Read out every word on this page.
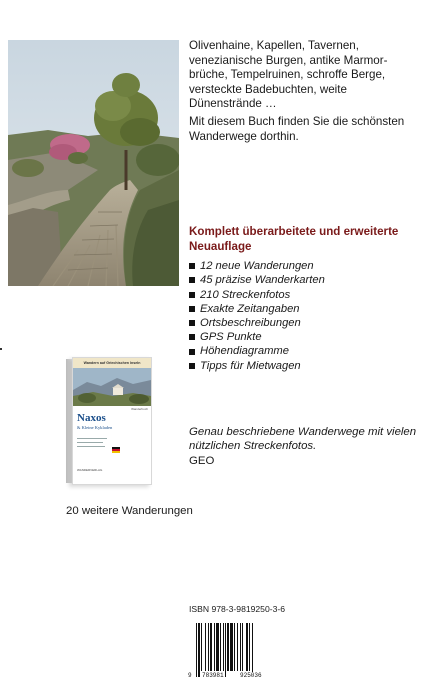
Olivenhaine, Kapellen, Tavernen, venezianische Burgen, antike Marmorbrüche, Tempelruinen, schroffe Berge, versteckte Badebuchten, weite Dünenstrände …

Mit diesem Buch finden Sie die schönsten Wanderwege dorthin.

Komplett überarbeitete und erweiterte Neuauflage

12 neue Wanderungen
45 präzise Wanderkarten
210 Streckenfotos
Exakte Zeitangaben
Ortsbeschreibungen
GPS Punkte
Höhendiagramme
Tipps für Mietwagen
Wandern auf Griechischen Inseln
Wanderbuch
Naxos
& Kleine Kykladen
WANDERVERLAG
20 weitere Wanderungen
Genau beschriebene Wanderwege mit vielen nützlichen Streckenfotos.
GEO
ISBN 978-3-9819250-3-6
9 783981	925036
